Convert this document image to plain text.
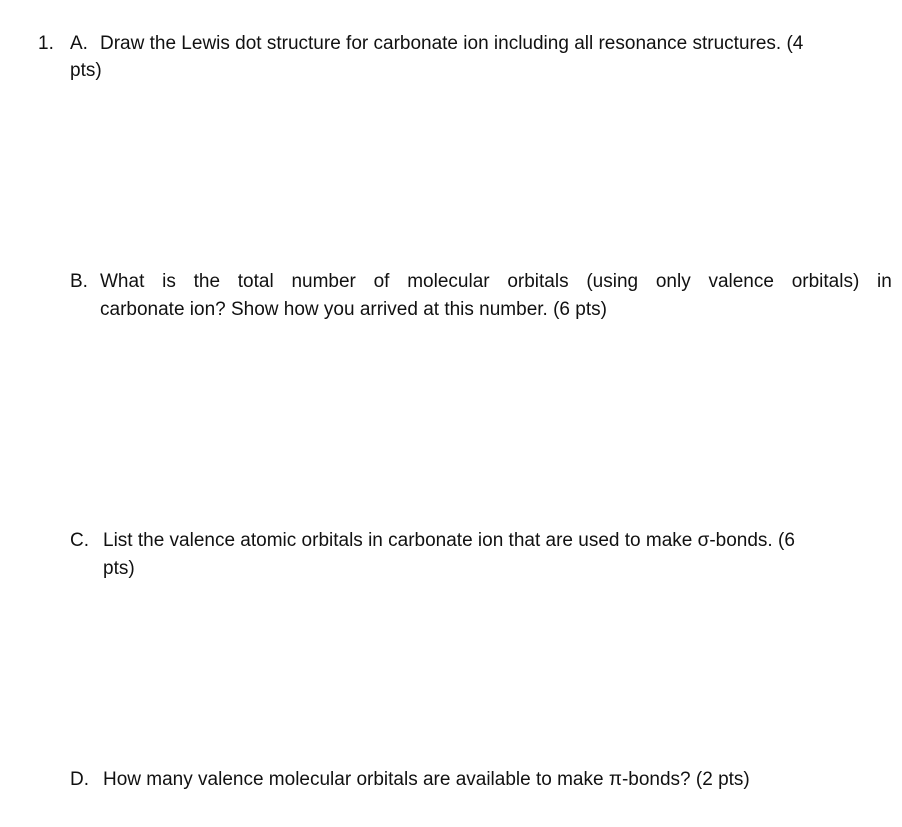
1. A. Draw the Lewis dot structure for carbonate ion including all resonance structures. (4
pts)
B. What is the total number of molecular orbitals (using only valence orbitals) in
carbonate ion? Show how you arrived at this number. (6 pts)
C. List the valence atomic orbitals in carbonate ion that are used to make σ-bonds. (6
pts)
D. How many valence molecular orbitals are available to make π-bonds? (2 pts)
